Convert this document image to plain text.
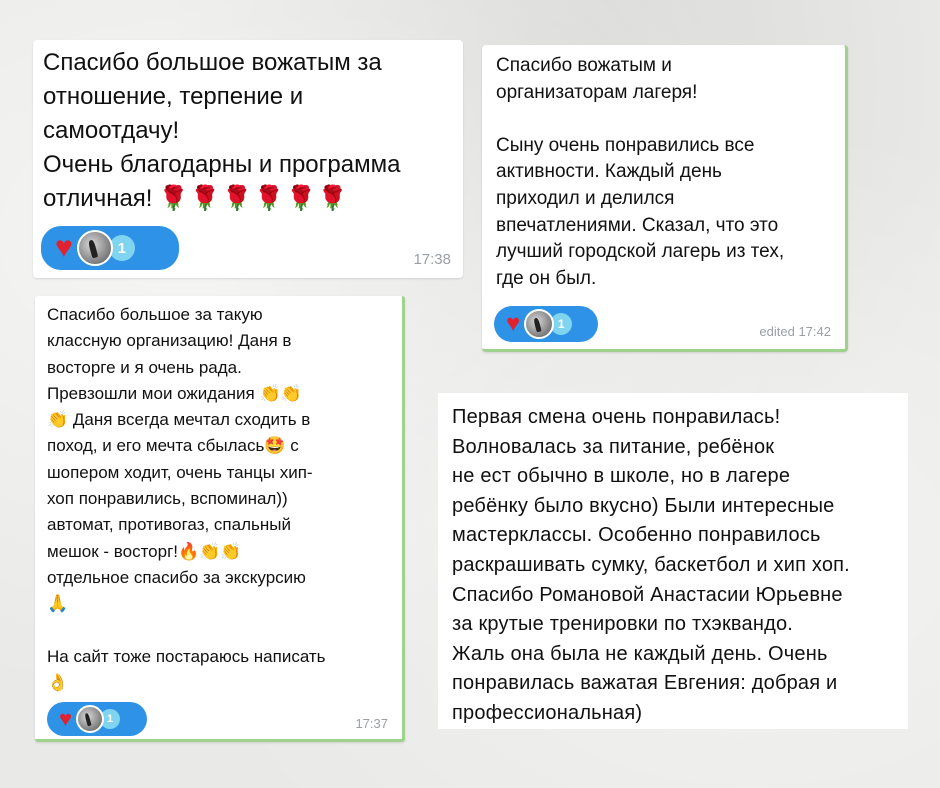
Спасибо большое вожатым за
отношение, терпение и
самоотдачу!
Очень благодарны и программа
отличная! 🌹🌹🌹🌹🌹🌹
♥	1
17:38
Спасибо вожатым и
организаторам лагеря!

Сыну очень понравились все
активности. Каждый день
приходил и делился
впечатлениями. Сказал, что это
лучший городской лагерь из тех,
где он был.
♥	1	edited 17:42
Спасибо большое за такую
классную организацию! Даня в
восторге и я очень рада.
Превзошли мои ожидания 👏👏
👏 Даня всегда мечтал сходить в
поход, и его мечта сбылась🤩 с
шопером ходит, очень танцы хип-
хоп понравились, вспоминал))
автомат, противогаз, спальный
мешок - восторг!🔥👏👏
отдельное спасибо за экскурсию
🙏

На сайт тоже постараюсь написать
👌
♥	1	17:37
Первая смена очень понравилась!
Волновалась за питание, ребёнок
не ест обычно в школе, но в лагере
ребёнку было вкусно) Были интересные
мастерклассы. Особенно понравилось
раскрашивать сумку, баскетбол и хип хоп.
Спасибо Романовой Анастасии Юрьевне
за крутые тренировки по тхэквандо.
Жаль она была не каждый день. Очень
понравилась важатая Евгения: добрая и
профессиональная)
